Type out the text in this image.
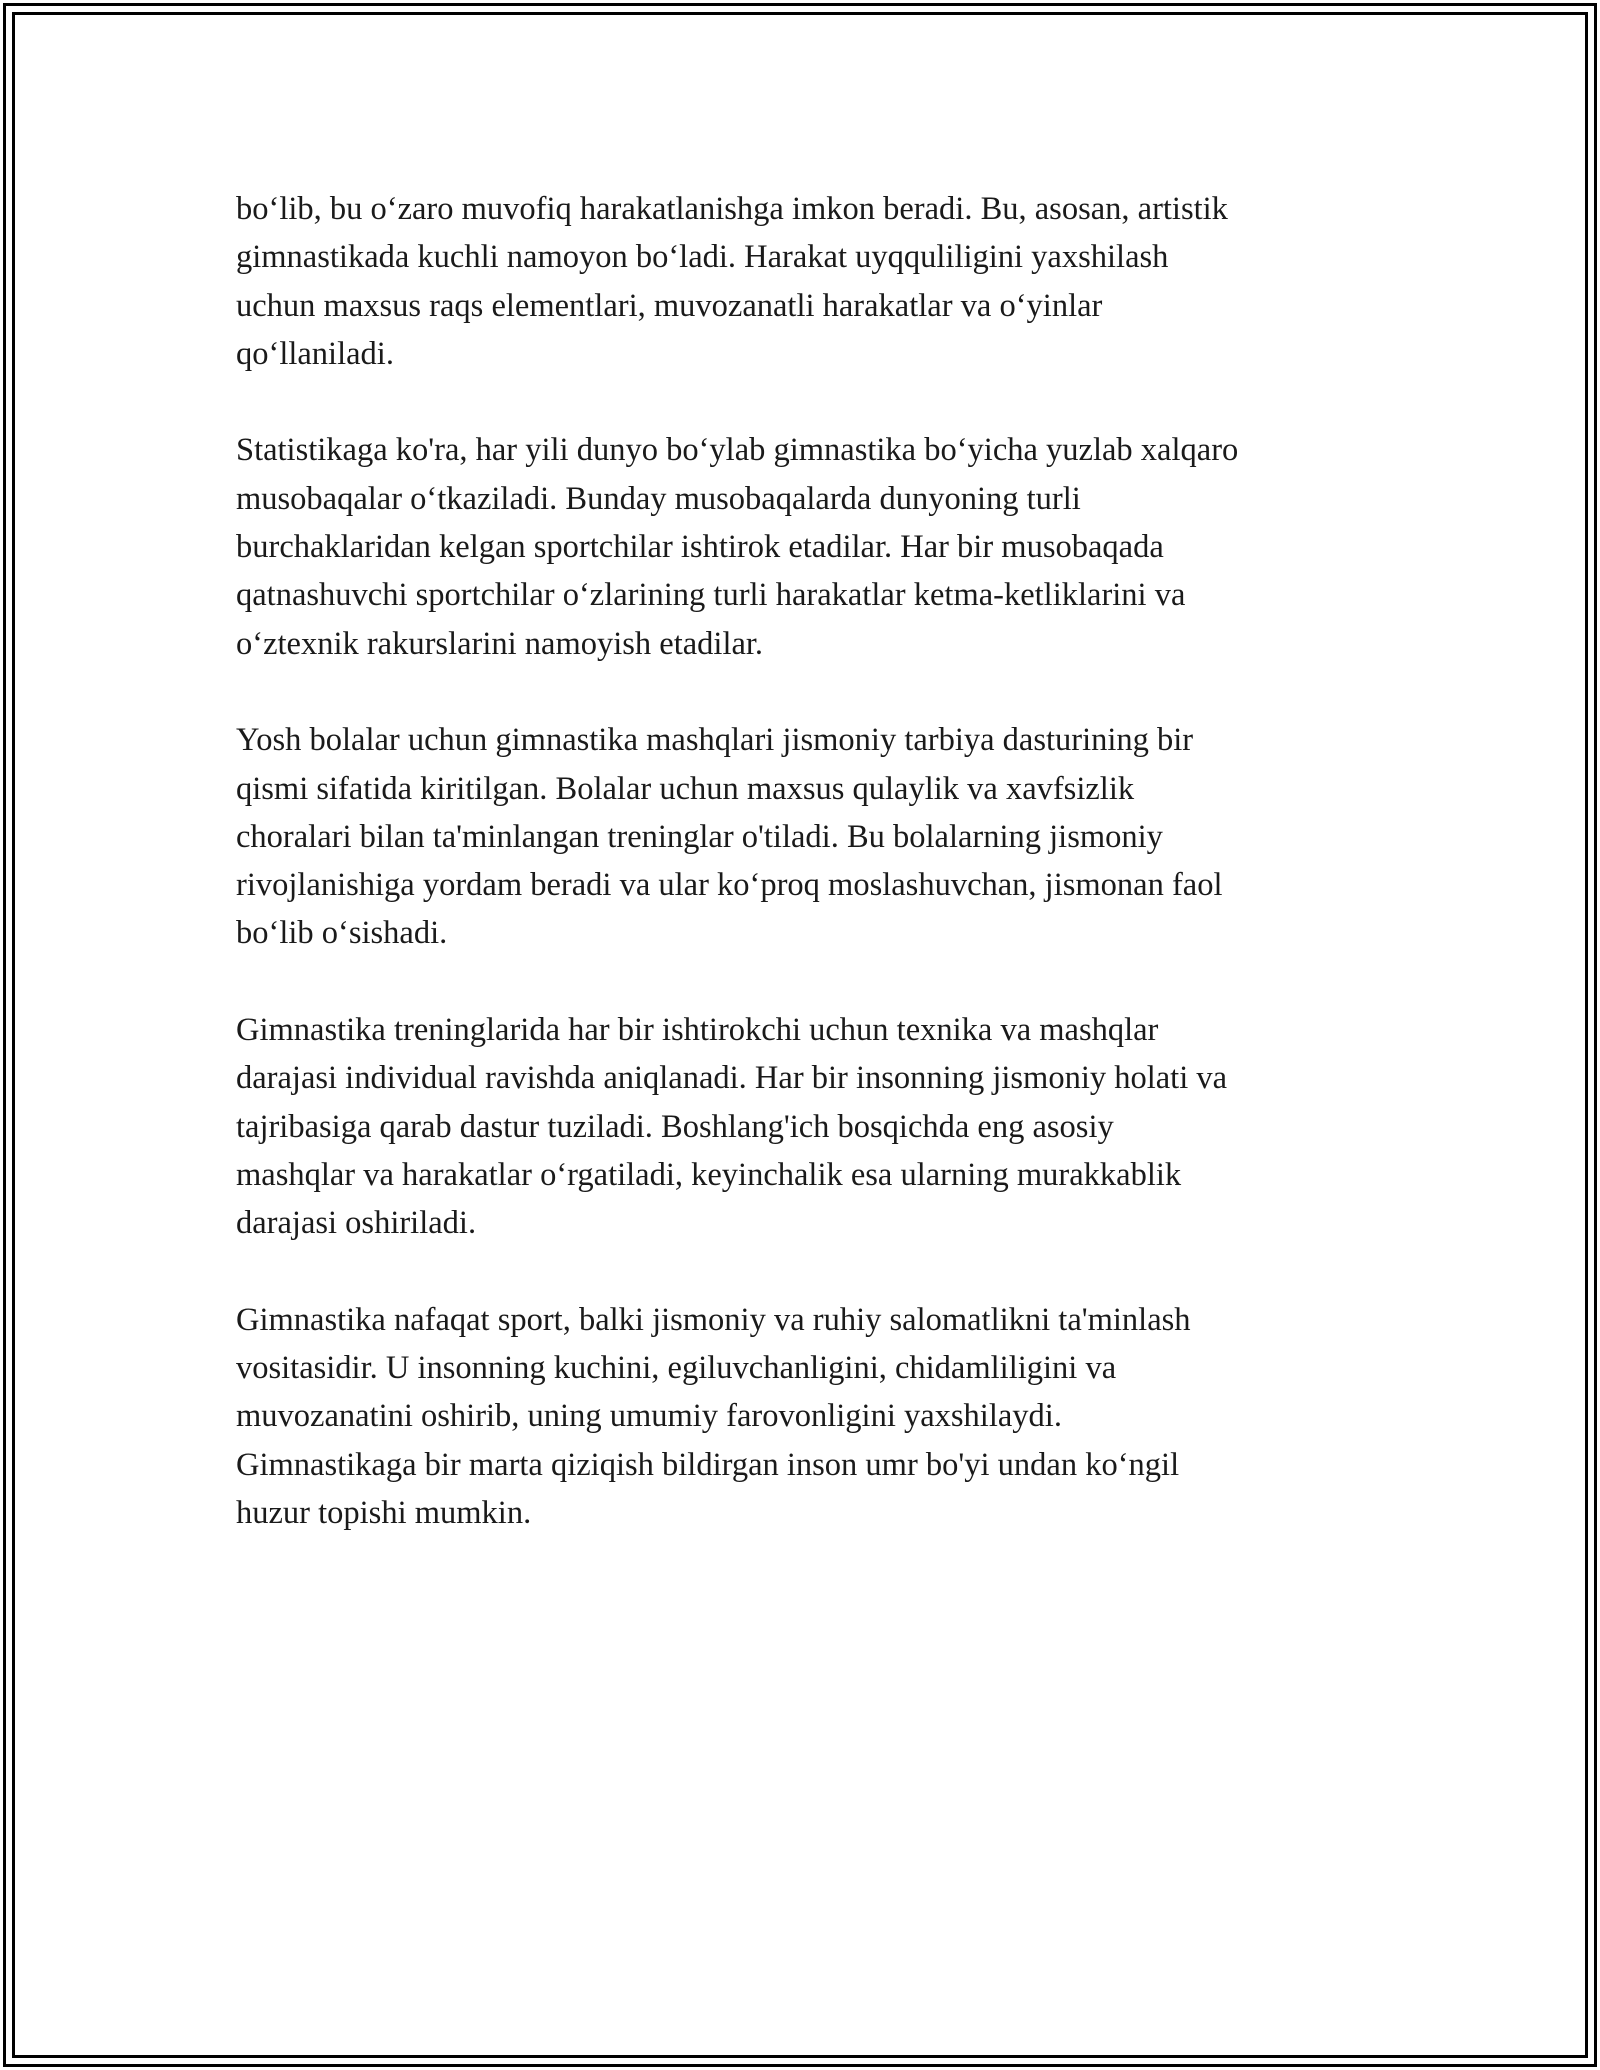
bo‘lib, bu o‘zaro muvofiq harakatlanishga imkon beradi. Bu, asosan, artistik
gimnastikada kuchli namoyon bo‘ladi. Harakat uyqquliligini yaxshilash
uchun maxsus raqs elementlari, muvozanatli harakatlar va o‘yinlar
qo‘llaniladi.

Statistikaga ko'ra, har yili dunyo bo‘ylab gimnastika bo‘yicha yuzlab xalqaro
musobaqalar o‘tkaziladi. Bunday musobaqalarda dunyoning turli
burchaklaridan kelgan sportchilar ishtirok etadilar. Har bir musobaqada
qatnashuvchi sportchilar o‘zlarining turli harakatlar ketma-ketliklarini va
o‘ztexnik rakurslarini namoyish etadilar.

Yosh bolalar uchun gimnastika mashqlari jismoniy tarbiya dasturining bir
qismi sifatida kiritilgan. Bolalar uchun maxsus qulaylik va xavfsizlik
choralari bilan ta'minlangan treninglar o'tiladi. Bu bolalarning jismoniy
rivojlanishiga yordam beradi va ular ko‘proq moslashuvchan, jismonan faol
bo‘lib o‘sishadi.

Gimnastika treninglarida har bir ishtirokchi uchun texnika va mashqlar
darajasi individual ravishda aniqlanadi. Har bir insonning jismoniy holati va
tajribasiga qarab dastur tuziladi. Boshlang'ich bosqichda eng asosiy
mashqlar va harakatlar o‘rgatiladi, keyinchalik esa ularning murakkablik
darajasi oshiriladi.

Gimnastika nafaqat sport, balki jismoniy va ruhiy salomatlikni ta'minlash
vositasidir. U insonning kuchini, egiluvchanligini, chidamliligini va
muvozanatini oshirib, uning umumiy farovonligini yaxshilaydi.
Gimnastikaga bir marta qiziqish bildirgan inson umr bo'yi undan ko‘ngil
huzur topishi mumkin.
